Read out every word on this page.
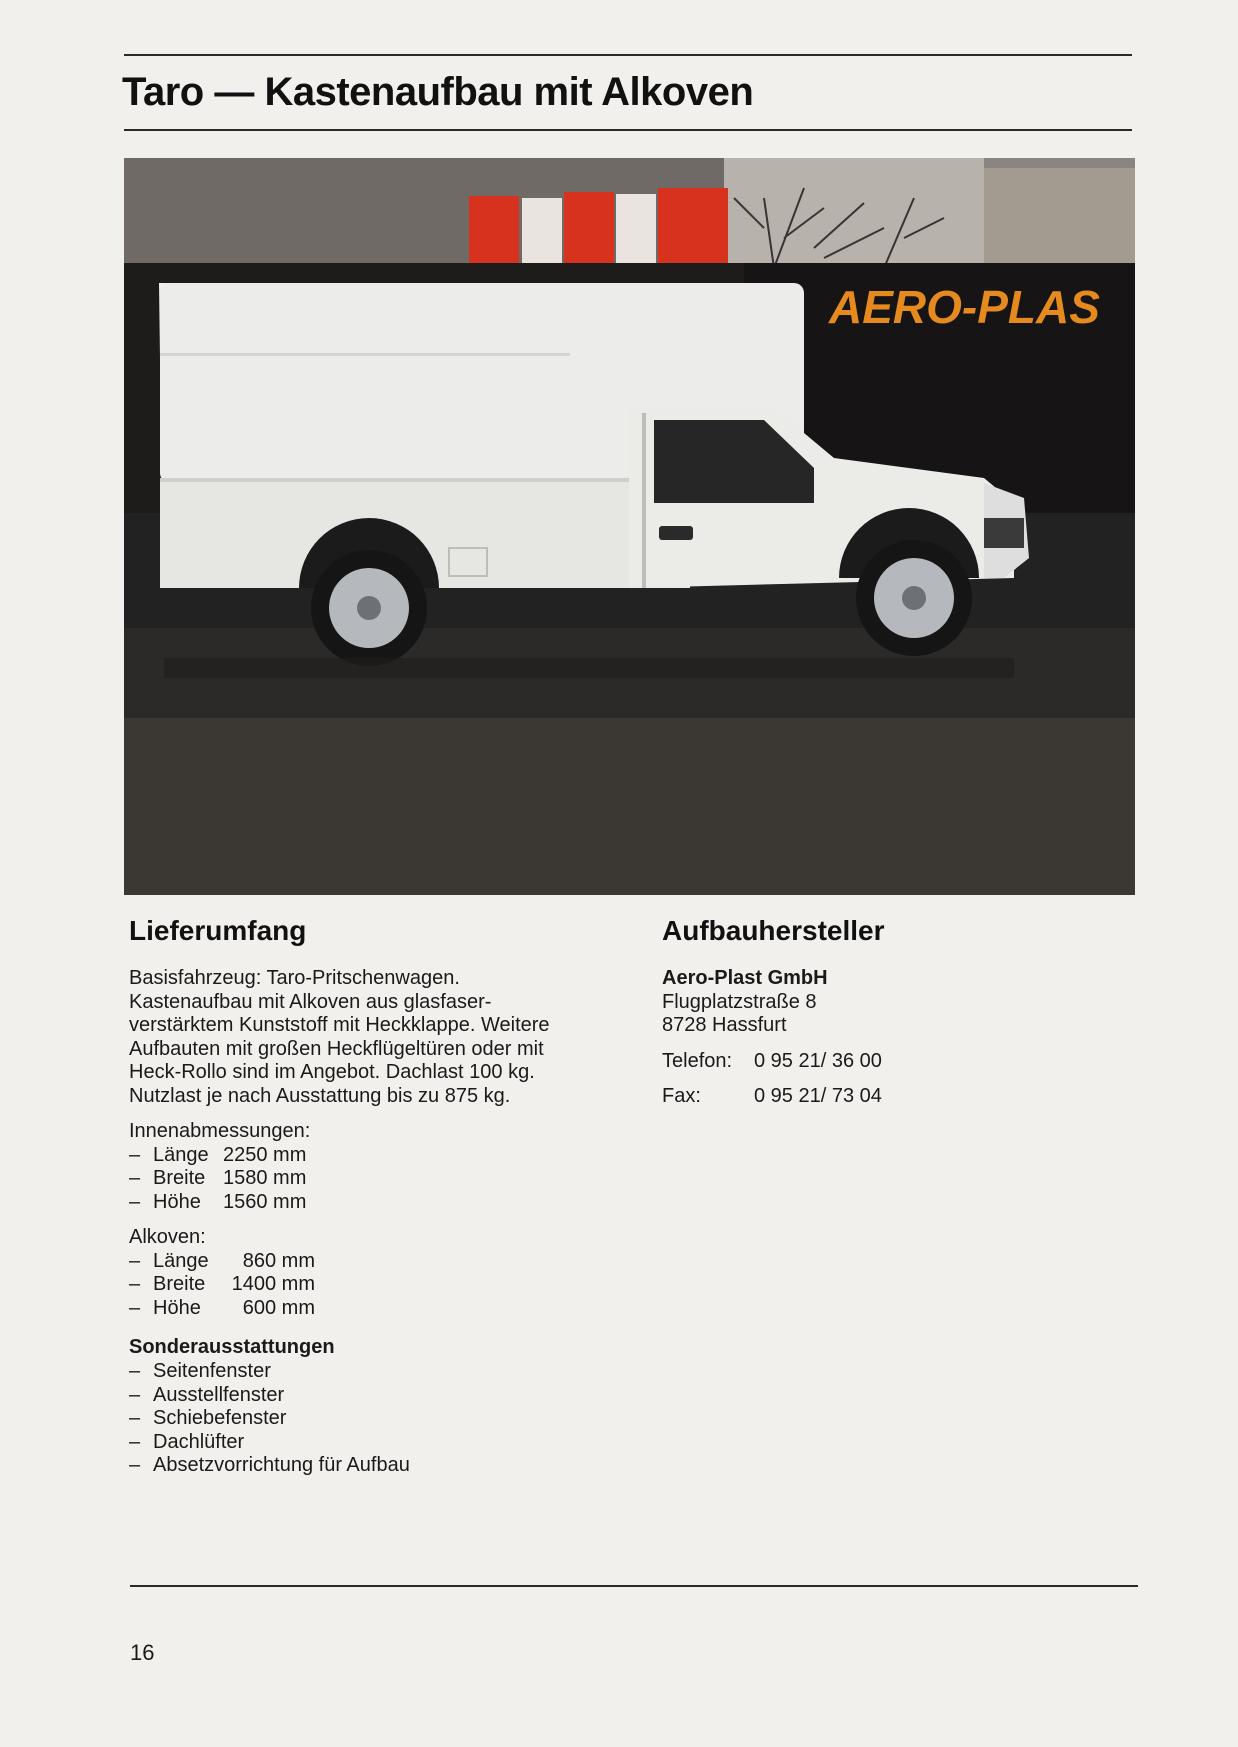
Taro — Kastenaufbau mit Alkoven
AERO-PLAS
Lieferumfang
Basisfahrzeug: Taro-Pritschenwagen.
Kastenaufbau mit Alkoven aus glasfaser-
verstärktem Kunststoff mit Heckklappe. Weitere
Aufbauten mit großen Heckflügeltüren oder mit
Heck-Rollo sind im Angebot. Dachlast 100 kg.
Nutzlast je nach Ausstattung bis zu 875 kg.
Innenabmessungen:
– Länge 2250 mm
– Breite 1580 mm
– Höhe	1560 mm
Alkoven:
– Länge	860 mm
– Breite	1400 mm
– Höhe	600 mm
Sonderausstattungen
– Seitenfenster
– Ausstellfenster
– Schiebefenster
– Dachlüfter
– Absetzvorrichtung für Aufbau
Aufbauhersteller
Aero-Plast GmbH
Flugplatzstraße 8
8728 Hassfurt
Telefon:	0 95 21/ 36 00
Fax:	0 95 21/ 73 04
16
